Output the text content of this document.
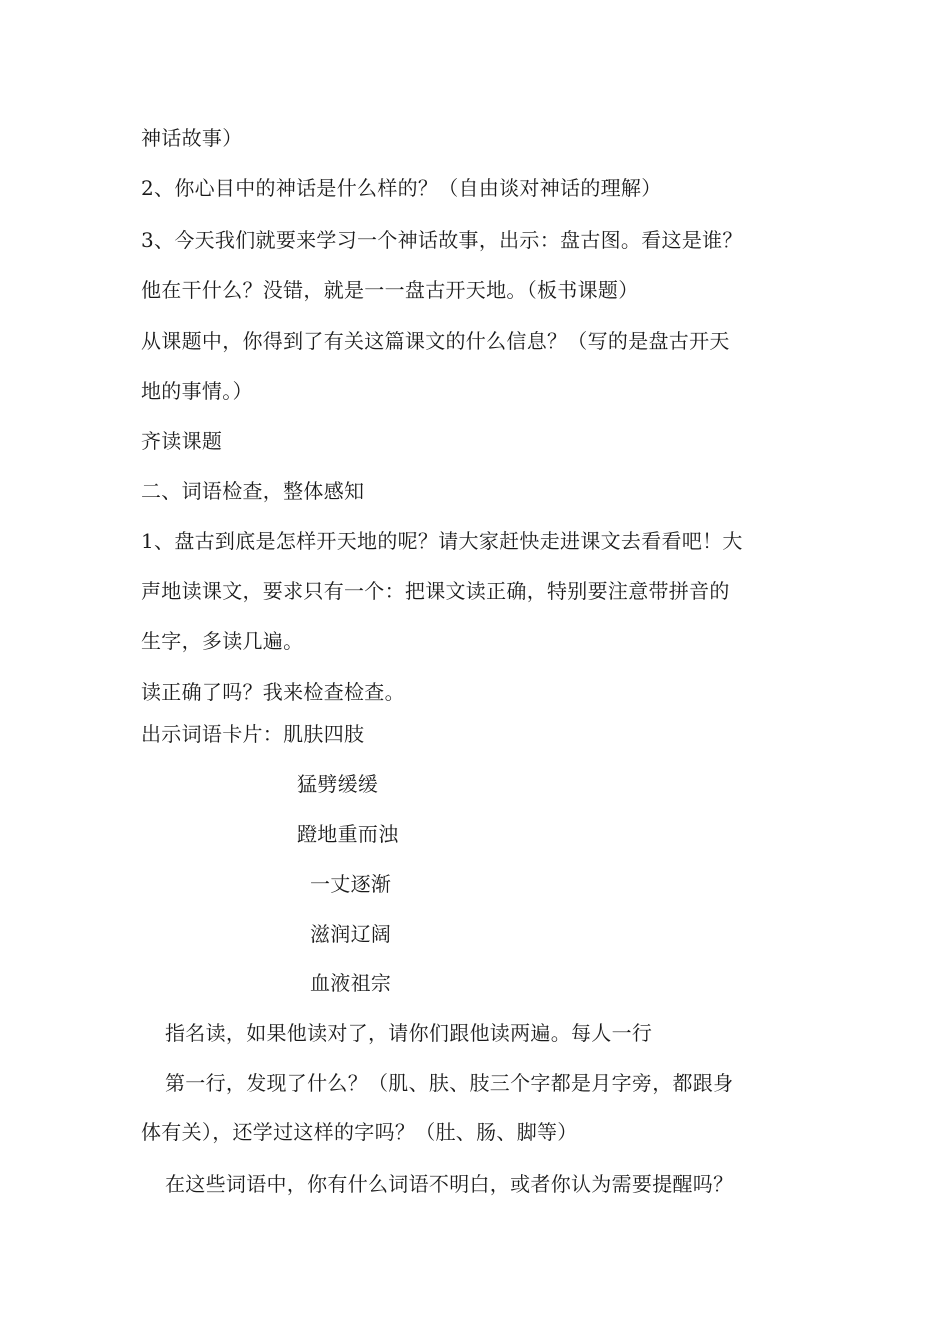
神话故事）
2、你心目中的神话是什么样的？（自由谈对神话的理解）
3、今天我们就要来学习一个神话故事，出示：盘古图。看这是谁？
他在干什么？没错，就是一一盘古开天地。（板书课题）
从课题中，你得到了有关这篇课文的什么信息？（写的是盘古开天
地的事情。）
齐读课题
二、词语检查，整体感知
1、盘古到底是怎样开天地的呢？请大家赶快走进课文去看看吧！大
声地读课文，要求只有一个：把课文读正确，特别要注意带拼音的
生字，多读几遍。
读正确了吗？我来检查检查。
出示词语卡片：肌肤四肢
猛劈缓缓
蹬地重而浊
一丈逐渐
滋润辽阔
血液祖宗
指名读，如果他读对了，请你们跟他读两遍。每人一行
第一行，发现了什么？（肌、肤、肢三个字都是月字旁，都跟身
体有关），还学过这样的字吗？（肚、肠、脚等）
在这些词语中，你有什么词语不明白，或者你认为需要提醒吗？
